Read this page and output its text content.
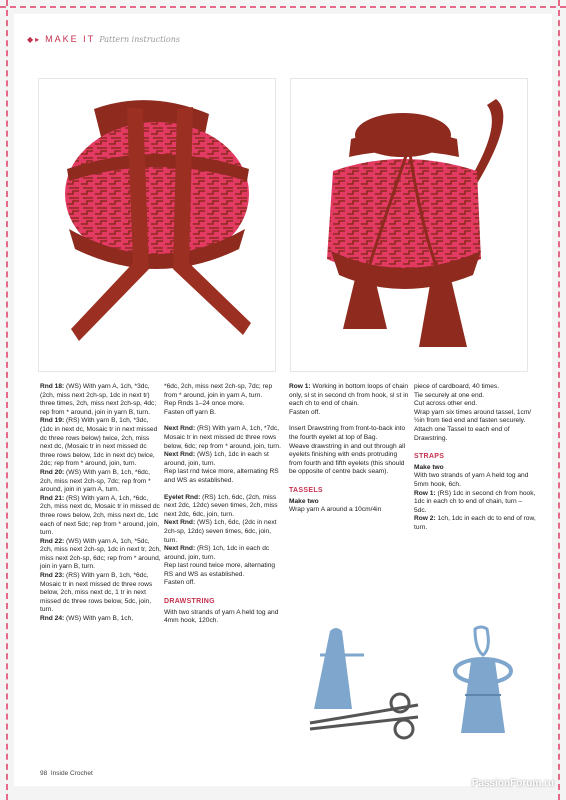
◆▸ MAKE IT Pattern instructions
Rnd 18: (WS) With yarn A, 1ch, *3dc, (2ch, miss next 2ch-sp, 1dc in next tr) three times, 2ch, miss next 2ch-sp, 4dc; rep from * around, join in yarn B, turn.
Rnd 19: (RS) With yarn B, 1ch, *3dc, (1dc in next dc, Mosaic tr in next missed dc three rows below) twice, 2ch, miss next dc, (Mosaic tr in next missed dc three rows below, 1dc in next dc) twice, 2dc; rep from * around, join, turn.
Rnd 20: (WS) With yarn B, 1ch, *6dc, 2ch, miss next 2ch-sp, 7dc; rep from * around, join in yarn A, turn.
Rnd 21: (RS) With yarn A, 1ch, *6dc, 2ch, miss next dc, Mosaic tr in missed dc three rows below, 2ch, miss next dc, 1dc each of next 5dc; rep from * around, join, turn.
Rnd 22: (WS) With yarn A, 1ch, *5dc, 2ch, miss next 2ch-sp, 1dc in next tr, 2ch, miss next 2ch-sp, 6dc; rep from * around, join in yarn B, turn.
Rnd 23: (RS) With yarn B, 1ch, *6dc, Mosaic tr in next missed dc three rows below, 2ch, miss next dc, 1 tr in next missed dc three rows below, 5dc, join, turn.
Rnd 24: (WS) With yarn B, 1ch,
*6dc, 2ch, miss next 2ch-sp, 7dc; rep from * around, join in yarn A, turn.
Rep Rnds 1–24 once more.
Fasten off yarn B.
Next Rnd: (RS) With yarn A, 1ch, *7dc, Mosaic tr in next missed dc three rows below, 6dc; rep from * around, join, turn.
Next Rnd: (WS) 1ch, 1dc in each st around, join, turn.
Rep last rnd twice more, alternating RS and WS as established.
Eyelet Rnd: (RS) 1ch, 6dc, (2ch, miss next 2dc, 12dc) seven times, 2ch, miss next 2dc, 6dc, join, turn.
Next Rnd: (WS) 1ch, 6dc, (2dc in next 2ch-sp, 12dc) seven times, 6dc, join, turn.
Next Rnd: (RS) 1ch, 1dc in each dc around, join, turn.
Rep last round twice more, alternating RS and WS as established.
Fasten off.
DRAWSTRING
With two strands of yarn A held tog and 4mm hook, 120ch.
Row 1: Working in bottom loops of chain only, sl st in second ch from hook, sl st in each ch to end of chain.
Fasten off.
Insert Drawstring from front-to-back into the fourth eyelet at top of Bag.
Weave drawstring in and out through all eyelets finishing with ends protruding from fourth and fifth eyelets (this should be opposite of centre back seam).
TASSELS
Make two
Wrap yarn A around a 10cm/4in
piece of cardboard, 40 times.
Tie securely at one end.
Cut across other end.
Wrap yarn six times around tassel, 1cm/½in from tied end and fasten securely.
Attach one Tassel to each end of Drawstring.
STRAPS
Make two
With two strands of yarn A held tog and 5mm hook, 6ch.
Row 1: (RS) 1dc in second ch from hook, 1dc in each ch to end of chain, turn – 5dc.
Row 2: 1ch, 1dc in each dc to end of row, turn.
98 Inside Crochet
PassionForum.ru
